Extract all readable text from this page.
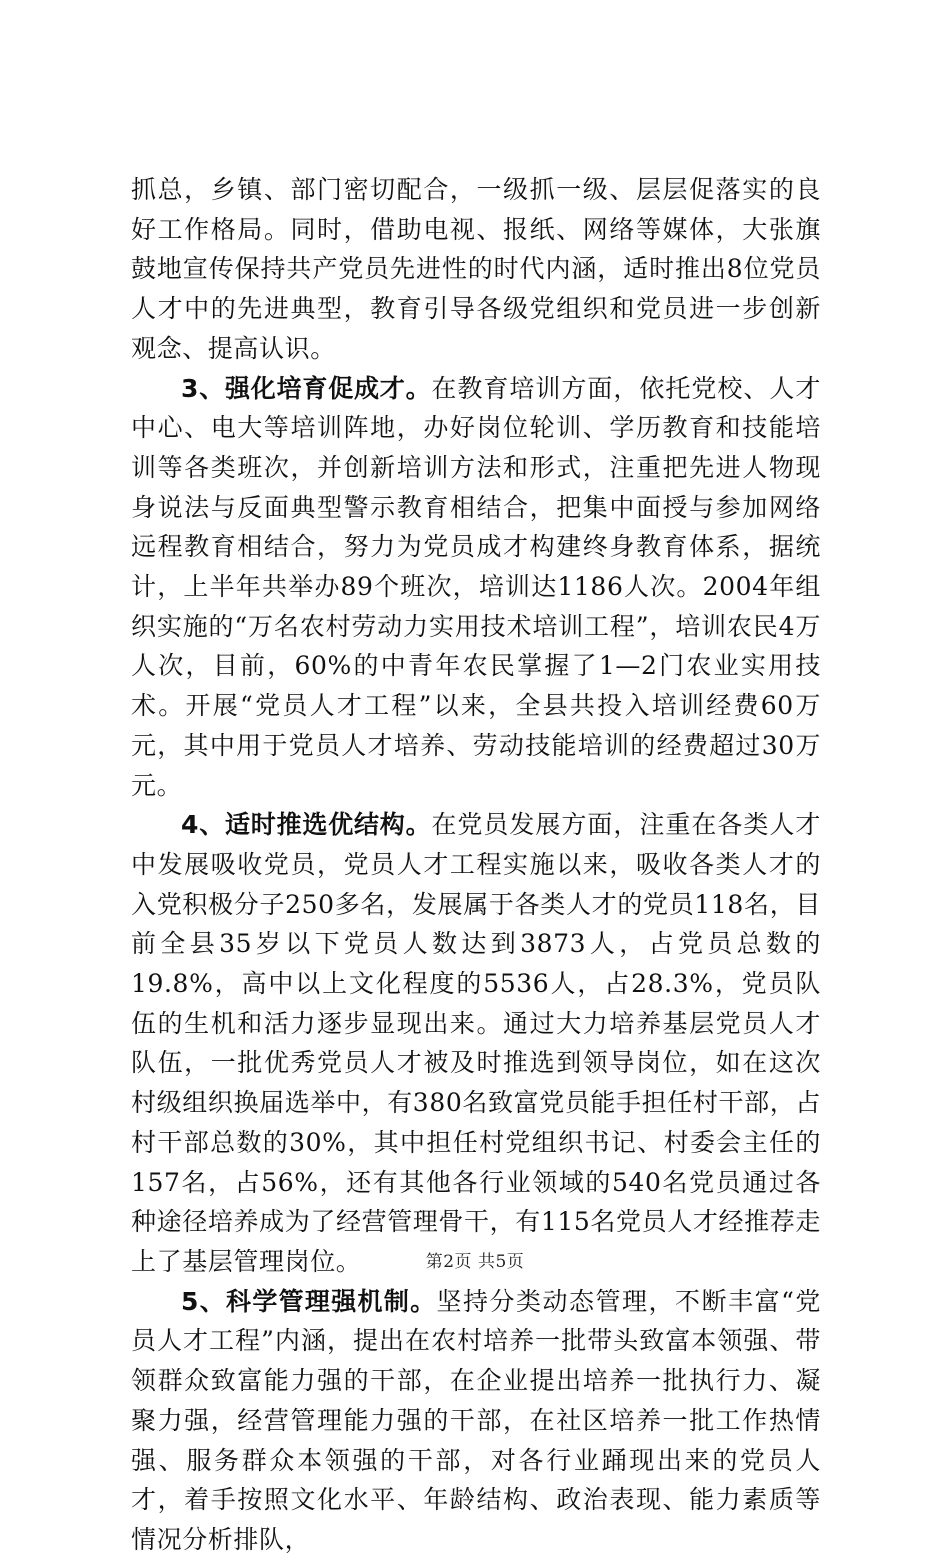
抓总，乡镇、部门密切配合，一级抓一级、层层促落实的良好工作格局。同时，借助电视、报纸、网络等媒体，大张旗鼓地宣传保持共产党员先进性的时代内涵，适时推出8位党员人才中的先进典型，教育引导各级党组织和党员进一步创新观念、提高认识。

3、强化培育促成才。在教育培训方面，依托党校、人才中心、电大等培训阵地，办好岗位轮训、学历教育和技能培训等各类班次，并创新培训方法和形式，注重把先进人物现身说法与反面典型警示教育相结合，把集中面授与参加网络远程教育相结合，努力为党员成才构建终身教育体系，据统计，上半年共举办89个班次，培训达1186人次。2004年组织实施的“万名农村劳动力实用技术培训工程”，培训农民4万人次，目前，60%的中青年农民掌握了1—2门农业实用技术。开展“党员人才工程”以来，全县共投入培训经费60万元，其中用于党员人才培养、劳动技能培训的经费超过30万元。

4、适时推选优结构。在党员发展方面，注重在各类人才中发展吸收党员，党员人才工程实施以来，吸收各类人才的入党积极分子250多名，发展属于各类人才的党员118名，目前全县35岁以下党员人数达到3873人，占党员总数的19.8%，高中以上文化程度的5536人，占28.3%，党员队伍的生机和活力逐步显现出来。通过大力培养基层党员人才队伍，一批优秀党员人才被及时推选到领导岗位，如在这次村级组织换届选举中，有380名致富党员能手担任村干部，占村干部总数的30%，其中担任村党组织书记、村委会主任的157名，占56%，还有其他各行业领域的540名党员通过各种途径培养成为了经营管理骨干，有115名党员人才经推荐走上了基层管理岗位。

5、科学管理强机制。坚持分类动态管理，不断丰富“党员人才工程”内涵，提出在农村培养一批带头致富本领强、带领群众致富能力强的干部，在企业提出培养一批执行力、凝聚力强，经营管理能力强的干部，在社区培养一批工作热情强、服务群众本领强的干部，对各行业踊现出来的党员人才，着手按照文化水平、年龄结构、政治表现、能力素质等情况分析排队，

第2页 共5页
